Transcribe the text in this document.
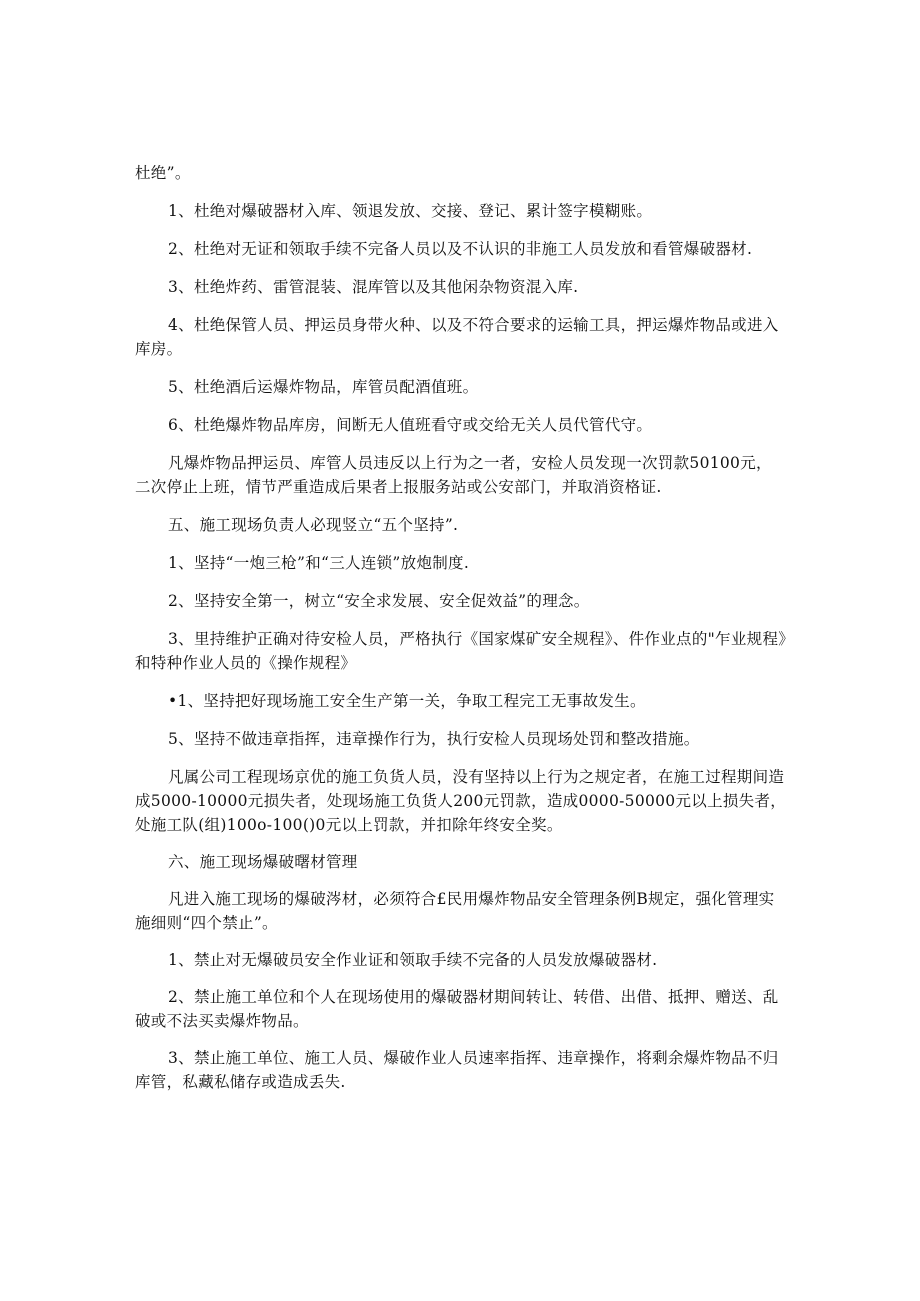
杜绝”。

1、杜绝对爆破器材入库、领退发放、交接、登记、累计签字模糊账。

2、杜绝对无证和领取手续不完备人员以及不认识的非施工人员发放和看管爆破器材.

3、杜绝炸药、雷管混装、混库管以及其他闲杂物资混入库.

4、杜绝保管人员、押运员身带火种、以及不符合要求的运输工具，押运爆炸物品或进入库房。

5、杜绝酒后运爆炸物品，库管员配酒值班。

6、杜绝爆炸物品库房，间断无人值班看守或交给无关人员代管代守。

凡爆炸物品押运员、库管人员违反以上行为之一者，安检人员发现一次罚款50100元，二次停止上班，情节严重造成后果者上报服务站或公安部门，并取消资格证.

五、施工现场负责人必现竖立“五个坚持”.

1、坚持“一炮三枪”和“三人连锁”放炮制度.

2、坚持安全第一，树立“安全求发展、安全促效益”的理念。

3、里持维护正确对待安检人员，严格执行《国家煤矿安全规程》、件作业点的"乍业规程》和特种作业人员的《操作规程》

•1、坚持把好现场施工安全生产第一关，争取工程完工无事故发生。

5、坚持不做违章指挥，违章操作行为，执行安检人员现场处罚和整改措施。

凡属公司工程现场京优的施工负货人员，没有坚持以上行为之规定者，在施工过程期间造成5000-10000元损失者，处现场施工负货人200元罚款，造成0000-50000元以上损失者，处施工队(组)100o-100()0元以上罚款，并扣除年终安全奖。

六、施工现场爆破曙材管理

凡进入施工现场的爆破涔材，必须符合£民用爆炸物品安全管理条例B规定，强化管理实施细则“四个禁止”。

1、禁止对无爆破员安全作业证和领取手续不完备的人员发放爆破器材.

2、禁止施工单位和个人在现场使用的爆破器材期间转让、转借、出借、抵押、赠送、乱破或不法买卖爆炸物品。

3、禁止施工单位、施工人员、爆破作业人员速率指挥、违章操作，将剩余爆炸物品不归库管，私藏私储存或造成丢失.
